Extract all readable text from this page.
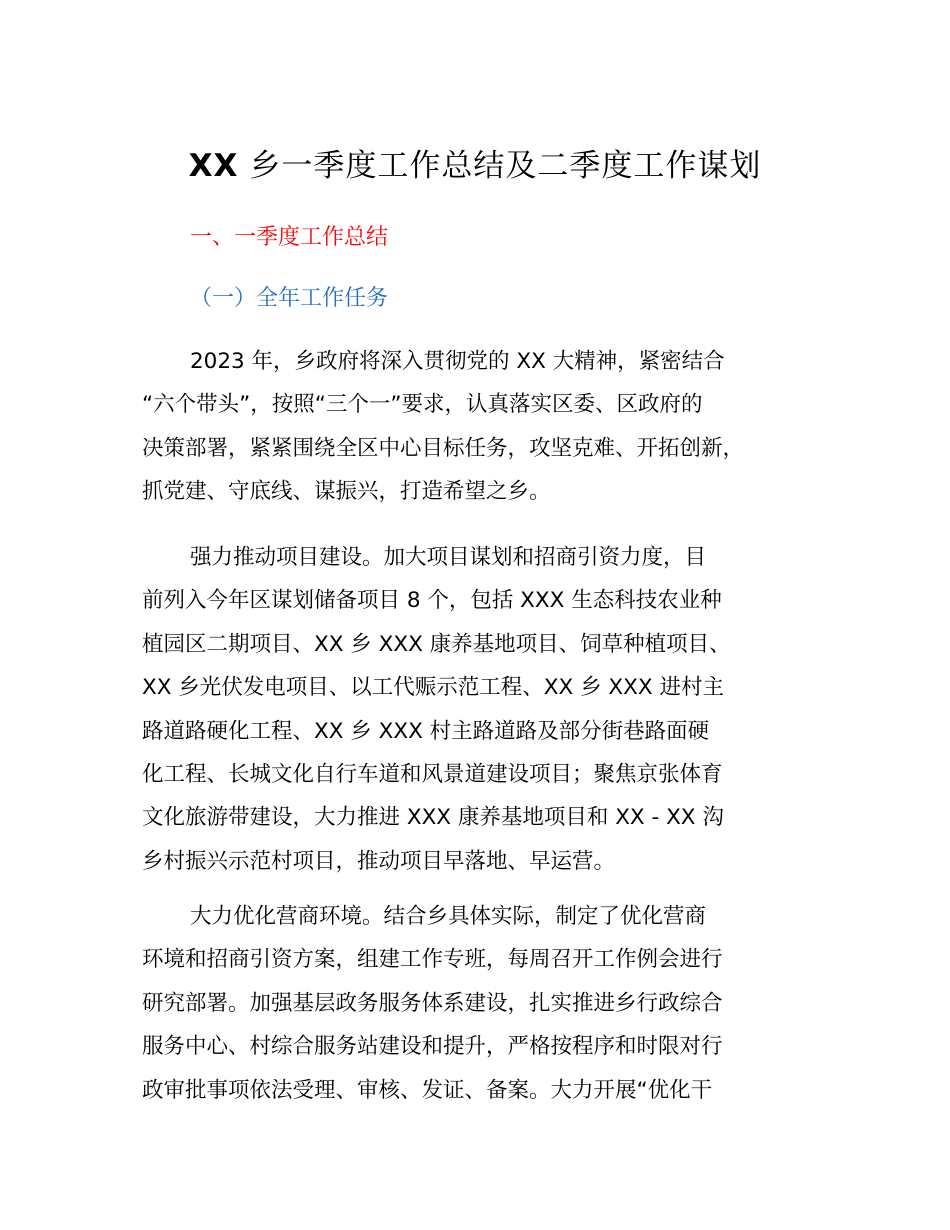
XX 乡一季度工作总结及二季度工作谋划
一、一季度工作总结
（一）全年工作任务
2023 年，乡政府将深入贯彻党的 XX 大精神，紧密结合
“六个带头”，按照“三个一”要求，认真落实区委、区政府的
决策部署，紧紧围绕全区中心目标任务，攻坚克难、开拓创新，
抓党建、守底线、谋振兴，打造希望之乡。
强力推动项目建设。加大项目谋划和招商引资力度，目
前列入今年区谋划储备项目 8 个，包括 XXX 生态科技农业种
植园区二期项目、XX 乡 XXX 康养基地项目、饲草种植项目、
XX 乡光伏发电项目、以工代赈示范工程、XX 乡 XXX 进村主
路道路硬化工程、XX 乡 XXX 村主路道路及部分街巷路面硬
化工程、长城文化自行车道和风景道建设项目；聚焦京张体育
文化旅游带建设，大力推进 XXX 康养基地项目和 XX - XX 沟
乡村振兴示范村项目，推动项目早落地、早运营。
大力优化营商环境。结合乡具体实际，制定了优化营商
环境和招商引资方案，组建工作专班，每周召开工作例会进行
研究部署。加强基层政务服务体系建设，扎实推进乡行政综合
服务中心、村综合服务站建设和提升，严格按程序和时限对行
政审批事项依法受理、审核、发证、备案。大力开展“优化干
